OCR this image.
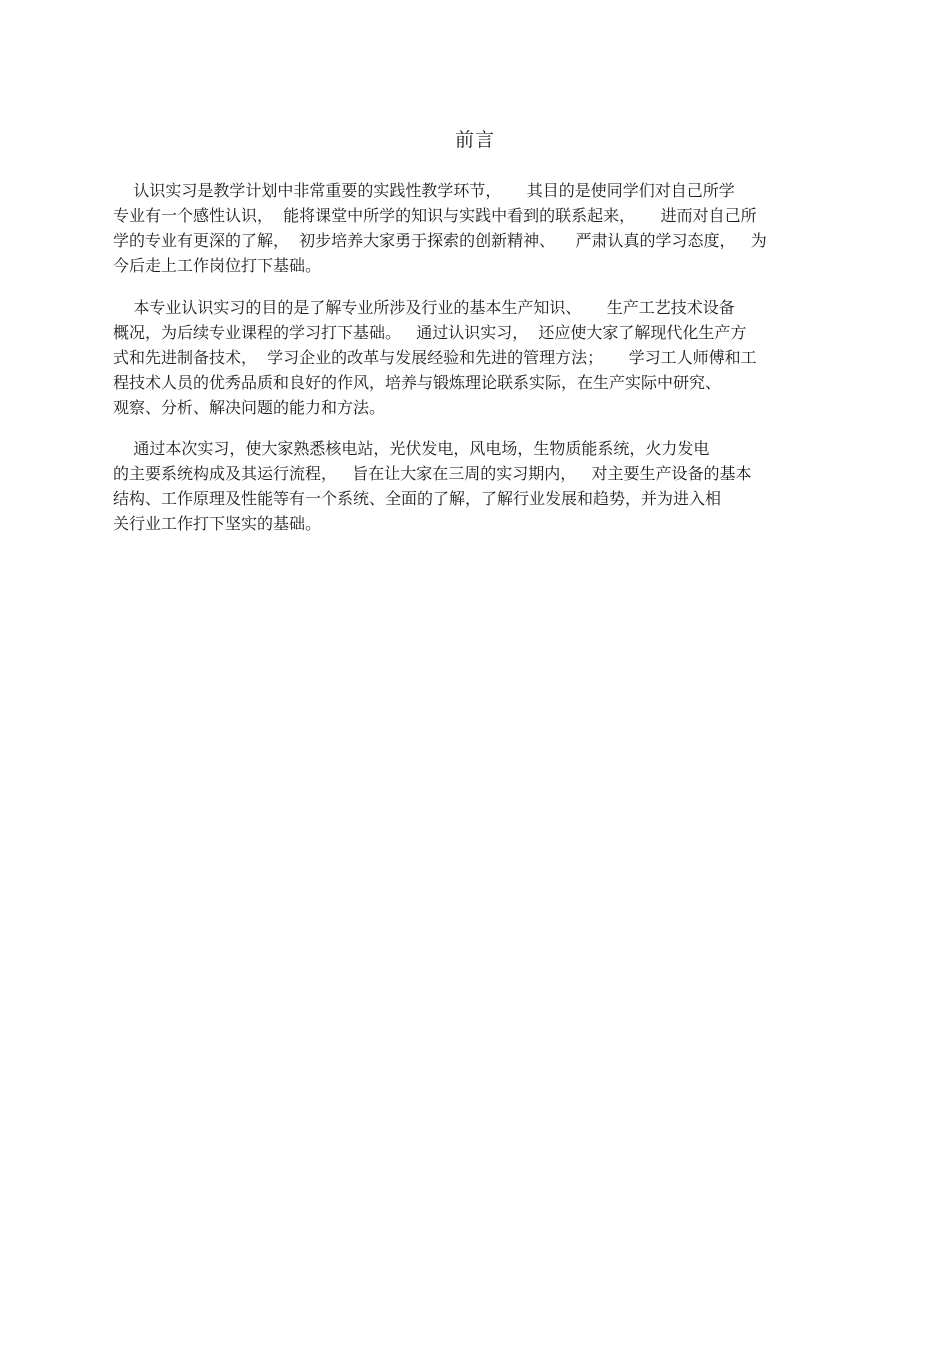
前言
认识实习是教学计划中非常重要的实践性教学环节，     其目的是使同学们对自己所学
专业有一个感性认识，  能将课堂中所学的知识与实践中看到的联系起来，     进而对自己所
学的专业有更深的了解，  初步培养大家勇于探索的创新精神、    严肃认真的学习态度，   为
今后走上工作岗位打下基础。
本专业认识实习的目的是了解专业所涉及行业的基本生产知识、     生产工艺技术设备
概况，为后续专业课程的学习打下基础。   通过认识实习，  还应使大家了解现代化生产方
式和先进制备技术，  学习企业的改革与发展经验和先进的管理方法；     学习工人师傅和工
程技术人员的优秀品质和良好的作风，培养与锻炼理论联系实际，在生产实际中研究、
观察、分析、解决问题的能力和方法。
通过本次实习，使大家熟悉核电站，光伏发电，风电场，生物质能系统，火力发电
的主要系统构成及其运行流程，   旨在让大家在三周的实习期内，   对主要生产设备的基本
结构、工作原理及性能等有一个系统、全面的了解，了解行业发展和趋势，并为进入相
关行业工作打下坚实的基础。
